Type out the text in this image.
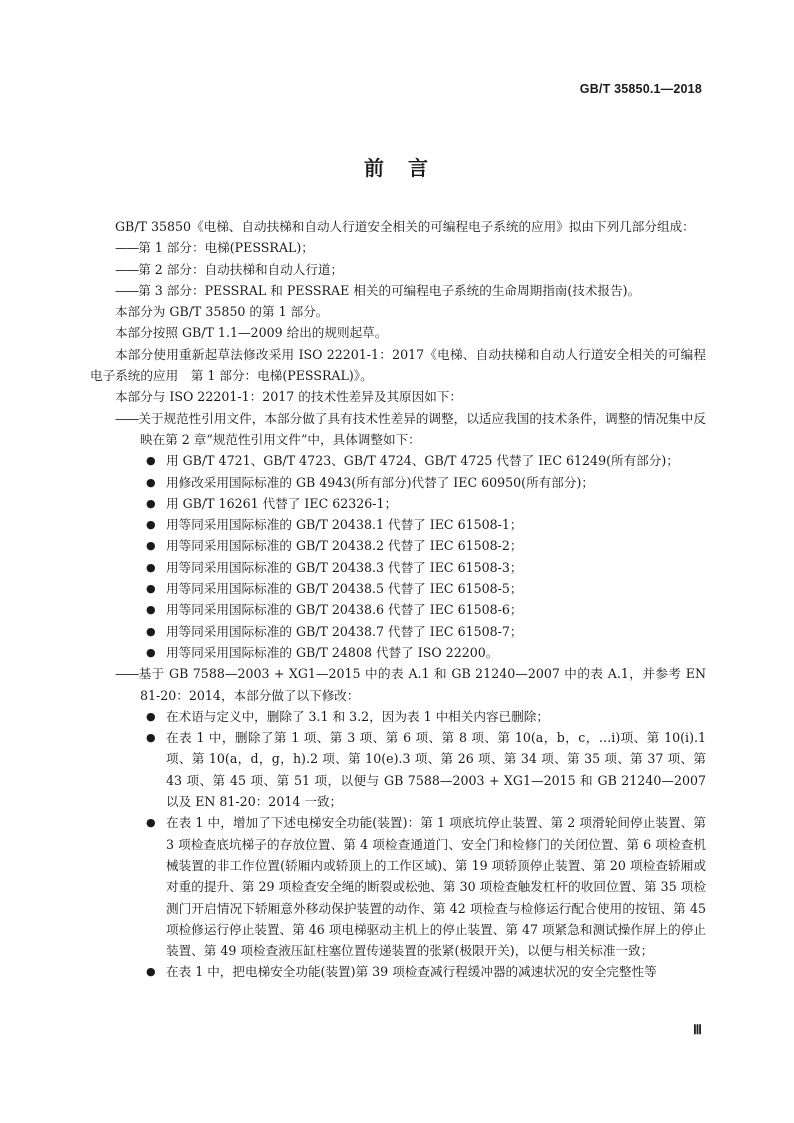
GB/T 35850.1—2018
前　言

GB/T 35850《电梯、自动扶梯和自动人行道安全相关的可编程电子系统的应用》拟由下列几部分组成：

——第 1 部分：电梯(PESSRAL)；

——第 2 部分：自动扶梯和自动人行道；

——第 3 部分：PESSRAL 和 PESSRAE 相关的可编程电子系统的生命周期指南(技术报告)。

本部分为 GB/T 35850 的第 1 部分。

本部分按照 GB/T 1.1—2009 给出的规则起草。

本部分使用重新起草法修改采用 ISO 22201-1：2017《电梯、自动扶梯和自动人行道安全相关的可编程电子系统的应用　第 1 部分：电梯(PESSRAL)》。

本部分与 ISO 22201-1：2017 的技术性差异及其原因如下：

——关于规范性引用文件，本部分做了具有技术性差异的调整，以适应我国的技术条件，调整的情况集中反映在第 2 章“规范性引用文件”中，具体调整如下：

● 用 GB/T 4721、GB/T 4723、GB/T 4724、GB/T 4725 代替了 IEC 61249(所有部分)；

● 用修改采用国际标准的 GB 4943(所有部分)代替了 IEC 60950(所有部分)；

● 用 GB/T 16261 代替了 IEC 62326-1；

● 用等同采用国际标准的 GB/T 20438.1 代替了 IEC 61508-1；

● 用等同采用国际标准的 GB/T 20438.2 代替了 IEC 61508-2；

● 用等同采用国际标准的 GB/T 20438.3 代替了 IEC 61508-3；

● 用等同采用国际标准的 GB/T 20438.5 代替了 IEC 61508-5；

● 用等同采用国际标准的 GB/T 20438.6 代替了 IEC 61508-6；

● 用等同采用国际标准的 GB/T 20438.7 代替了 IEC 61508-7；

● 用等同采用国际标准的 GB/T 24808 代替了 ISO 22200。

——基于 GB 7588—2003 + XG1—2015 中的表 A.1 和 GB 21240—2007 中的表 A.1，并参考 EN 81-20：2014，本部分做了以下修改：

● 在术语与定义中，删除了 3.1 和 3.2，因为表 1 中相关内容已删除；

● 在表 1 中，删除了第 1 项、第 3 项、第 6 项、第 8 项、第 10(a，b，c，…i)项、第 10(i).1 项、第 10(a，d，g，h).2 项、第 10(e).3 项、第 26 项、第 34 项、第 35 项、第 37 项、第 43 项、第 45 项、第 51 项，以便与 GB 7588—2003 + XG1—2015 和 GB 21240—2007 以及 EN 81-20：2014 一致；

● 在表 1 中，增加了下述电梯安全功能(装置)：第 1 项底坑停止装置、第 2 项滑轮间停止装置、第 3 项检查底坑梯子的存放位置、第 4 项检查通道门、安全门和检修门的关闭位置、第 6 项检查机械装置的非工作位置(轿厢内或轿顶上的工作区域)、第 19 项轿顶停止装置、第 20 项检查轿厢或对重的提升、第 29 项检查安全绳的断裂或松弛、第 30 项检查触发杠杆的收回位置、第 35 项检测门开启情况下轿厢意外移动保护装置的动作、第 42 项检查与检修运行配合使用的按钮、第 45 项检修运行停止装置、第 46 项电梯驱动主机上的停止装置、第 47 项紧急和测试操作屏上的停止装置、第 49 项检查液压缸柱塞位置传递装置的张紧(极限开关)，以便与相关标准一致；

● 在表 1 中，把电梯安全功能(装置)第 39 项检查减行程缓冲器的减速状况的安全完整性等

Ⅲ
